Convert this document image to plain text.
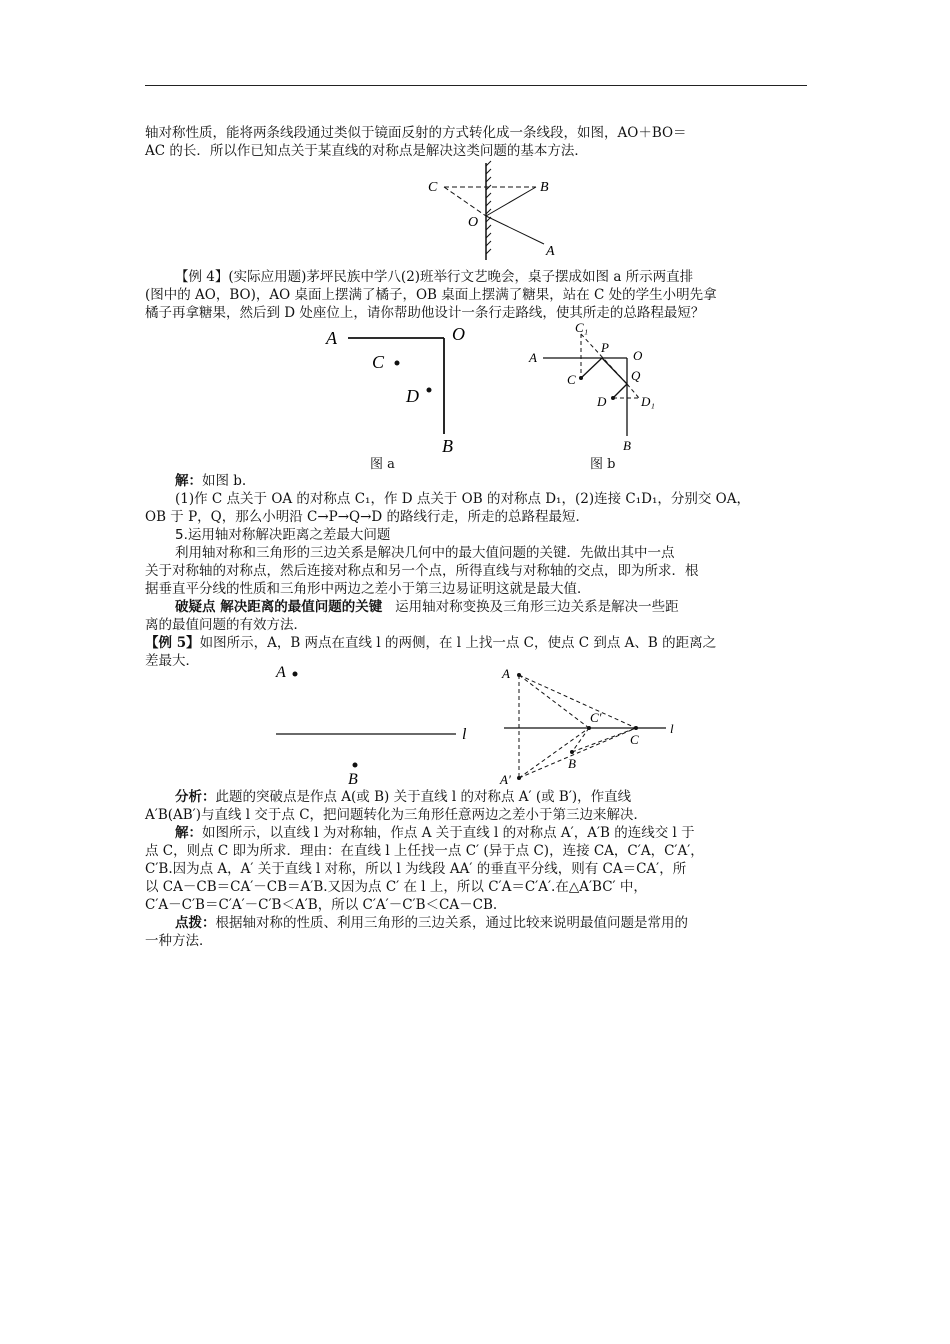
轴对称性质，能将两条线段通过类似于镜面反射的方式转化成一条线段，如图，AO＋BO＝
AC 的长．所以作已知点关于某直线的对称点是解决这类问题的基本方法．
C	B
O
A
【例 4】(实际应用题)茅坪民族中学八(2)班举行文艺晚会，桌子摆成如图 a 所示两直排
(图中的 AO，BO)，AO 桌面上摆满了橘子，OB 桌面上摆满了糖果，站在 C 处的学生小明先拿
橘子再拿糖果，然后到 D 处座位上，请你帮助他设计一条行走路线，使其所走的总路程最短？
A	O
C
D
B
图 a
C₁
A
P
O
C	Q
D	D₁
B
图 b
解：如图 b.
(1)作 C 点关于 OA 的对称点 C₁，作 D 点关于 OB 的对称点 D₁，(2)连接 C₁D₁，分别交 OA，
OB 于 P，Q，那么小明沿 C→P→Q→D 的路线行走，所走的总路程最短．
5.运用轴对称解决距离之差最大问题
利用轴对称和三角形的三边关系是解决几何中的最大值问题的关键．先做出其中一点
关于对称轴的对称点，然后连接对称点和另一个点，所得直线与对称轴的交点，即为所求．根
据垂直平分线的性质和三角形中两边之差小于第三边易证明这就是最大值．
破疑点 解决距离的最值问题的关键 运用轴对称变换及三角形三边关系是解决一些距
离的最值问题的有效方法．
【例 5】如图所示，A，B 两点在直线 l 的两侧，在 l 上找一点 C，使点 C 到点 A、B 的距离之
差最大．
A
l
B
A
C′
C
l
B
A′
分析：此题的突破点是作点 A(或 B) 关于直线 l 的对称点 A′ (或 B′)，作直线
A′B(AB′)与直线 l 交于点 C，把问题转化为三角形任意两边之差小于第三边来解决．
解：如图所示，以直线 l 为对称轴，作点 A 关于直线 l 的对称点 A′，A′B 的连线交 l 于
点 C，则点 C 即为所求．理由：在直线 l 上任找一点 C′ (异于点 C)，连接 CA，C′A，C′A′，
C′B.因为点 A，A′ 关于直线 l 对称，所以 l 为线段 AA′ 的垂直平分线，则有 CA＝CA′，所
以 CA－CB＝CA′－CB＝A′B.又因为点 C′ 在 l 上，所以 C′A＝C′A′.在△A′BC′ 中，
C′A－C′B＝C′A′－C′B＜A′B，所以 C′A′－C′B＜CA－CB.
点拨：根据轴对称的性质、利用三角形的三边关系，通过比较来说明最值问题是常用的
一种方法．
